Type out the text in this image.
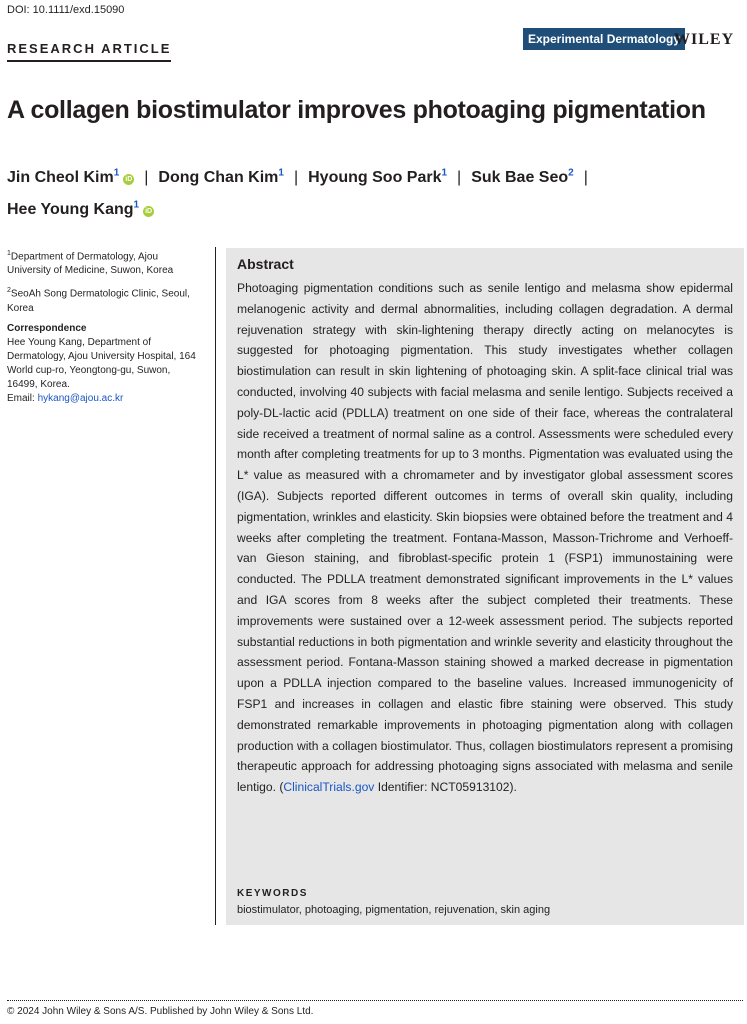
DOI: 10.1111/exd.15090
RESEARCH ARTICLE
Experimental Dermatology
WILEY
A collagen biostimulator improves photoaging pigmentation
Jin Cheol Kim$^1$iD | Dong Chan Kim$^1$ | Hyoung Soo Park$^1$ | Suk Bae Seo$^2$ |
Hee Young Kang$^1$iD

$^1$Department of Dermatology, Ajou University of Medicine, Suwon, Korea

$^2$SeoAh Song Dermatologic Clinic, Seoul, Korea

Correspondence

Hee Young Kang, Department of Dermatology, Ajou University Hospital, 164 World cup-ro, Yeongtong-gu, Suwon, 16499, Korea.
Email: hykang@ajou.ac.kr

Abstract

Photoaging pigmentation conditions such as senile lentigo and melasma show epidermal melanogenic activity and dermal abnormalities, including collagen degradation. A dermal rejuvenation strategy with skin-lightening therapy directly acting on melanocytes is suggested for photoaging pigmentation. This study investigates whether collagen biostimulation can result in skin lightening of photoaging skin. A split-face clinical trial was conducted, involving 40 subjects with facial melasma and senile lentigo. Subjects received a poly-DL-lactic acid (PDLLA) treatment on one side of their face, whereas the contralateral side received a treatment of normal saline as a control. Assessments were scheduled every month after completing treatments for up to 3 months. Pigmentation was evaluated using the L* value as measured with a chromameter and by investigator global assessment scores (IGA). Subjects reported different outcomes in terms of overall skin quality, including pigmentation, wrinkles and elasticity. Skin biopsies were obtained before the treatment and 4 weeks after completing the treatment. Fontana-Masson, Masson-Trichrome and Verhoeff-van Gieson staining, and fibroblast-specific protein 1 (FSP1) immunostaining were conducted. The PDLLA treatment demonstrated significant improvements in the L* values and IGA scores from 8 weeks after the subject completed their treatments. These improvements were sustained over a 12-week assessment period. The subjects reported substantial reductions in both pigmentation and wrinkle severity and elasticity throughout the assessment period. Fontana-Masson staining showed a marked decrease in pigmentation upon a PDLLA injection compared to the baseline values. Increased immunogenicity of FSP1 and increases in collagen and elastic fibre staining were observed. This study demonstrated remarkable improvements in photoaging pigmentation along with collagen production with a collagen biostimulator. Thus, collagen biostimulators represent a promising therapeutic approach for addressing photoaging signs associated with melasma and senile lentigo. (ClinicalTrials.gov Identifier: NCT05913102).

KEYWORDS
biostimulator, photoaging, pigmentation, rejuvenation, skin aging
© 2024 John Wiley & Sons A/S. Published by John Wiley & Sons Ltd.
